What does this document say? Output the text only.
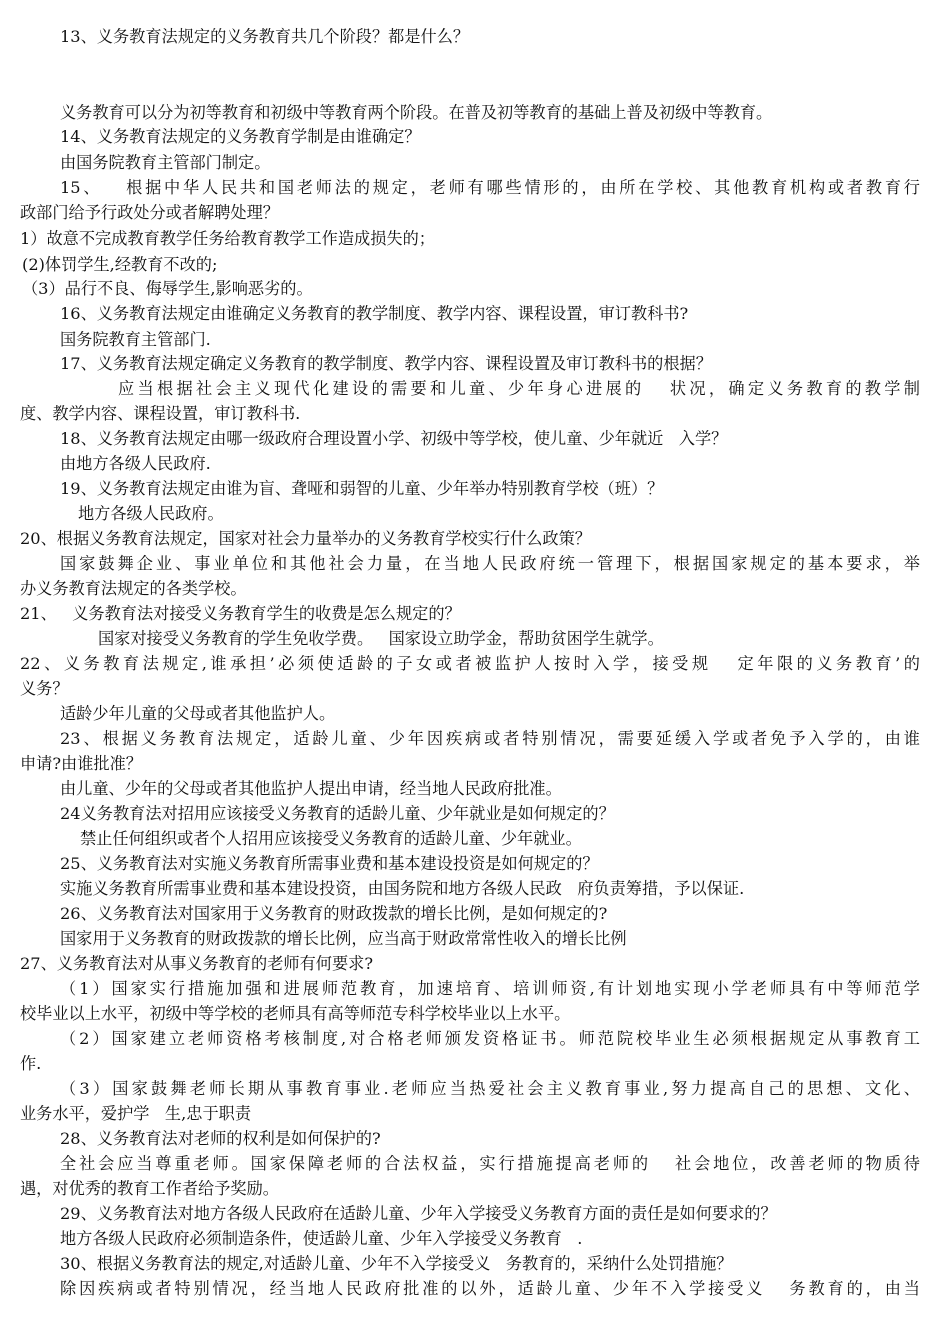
13、义务教育法规定的义务教育共几个阶段？都是什么？

义务教育可以分为初等教育和初级中等教育两个阶段。在普及初等教育的基础上普及初级中等教育。

14、义务教育法规定的义务教育学制是由谁确定？

由国务院教育主管部门制定。

15、   根据中华人民共和国老师法的规定，老师有哪些情形的，由所在学校、其他教育机构或者教育行

政部门给予行政处分或者解聘处理？

1）故意不完成教育教学任务给教育教学工作造成损失的；

(2)体罚学生,经教育不改的;

（3）品行不良、侮辱学生,影响恶劣的。

16、义务教育法规定由谁确定义务教育的教学制度、教学内容、课程设置，审订教科书?

国务院教育主管部门.

17、义务教育法规定确定义务教育的教学制度、教学内容、课程设置及审订教科书的根据？

应当根据社会主义现代化建设的需要和儿童、少年身心进展的   状况，确定义务教育的教学制

度、教学内容、课程设置，审订教科书.

18、义务教育法规定由哪一级政府合理设置小学、初级中等学校，使儿童、少年就近   入学？

由地方各级人民政府.

19、义务教育法规定由谁为盲、聋哑和弱智的儿童、少年举办特别教育学校（班）？

地方各级人民政府。

20、根据义务教育法规定，国家对社会力量举办的义务教育学校实行什么政策？

国家鼓舞企业、事业单位和其他社会力量，在当地人民政府统一管理下，根据国家规定的基本要求，举

办义务教育法规定的各类学校。

21、   义务教育法对接受义务教育学生的收费是怎么规定的？

国家对接受义务教育的学生免收学费。   国家设立助学金，帮助贫困学生就学。

22、义务教育法规定,谁承担’必须使适龄的子女或者被监护人按时入学，接受规   定年限的义务教育’的

义务？

适龄少年儿童的父母或者其他监护人。

23、根据义务教育法规定，适龄儿童、少年因疾病或者特别情况，需要延缓入学或者免予入学的，由谁

申请?由谁批准？

由儿童、少年的父母或者其他监护人提出申请，经当地人民政府批准。

24义务教育法对招用应该接受义务教育的适龄儿童、少年就业是如何规定的？

禁止任何组织或者个人招用应该接受义务教育的适龄儿童、少年就业。

25、义务教育法对实施义务教育所需事业费和基本建设投资是如何规定的？

实施义务教育所需事业费和基本建设投资，由国务院和地方各级人民政   府负责筹措，予以保证.

26、义务教育法对国家用于义务教育的财政拨款的增长比例，是如何规定的?

国家用于义务教育的财政拨款的增长比例，应当高于财政常常性收入的增长比例

27、义务教育法对从事义务教育的老师有何要求?

（1）国家实行措施加强和进展师范教育，加速培育、培训师资,有计划地实现小学老师具有中等师范学

校毕业以上水平，初级中等学校的老师具有高等师范专科学校毕业以上水平。

（2）国家建立老师资格考核制度,对合格老师颁发资格证书。师范院校毕业生必须根据规定从事教育工

作.

（3）国家鼓舞老师长期从事教育事业.老师应当热爱社会主义教育事业,努力提高自己的思想、文化、

业务水平，爱护学   生,忠于职责

28、义务教育法对老师的权利是如何保护的?

全社会应当尊重老师。国家保障老师的合法权益，实行措施提高老师的   社会地位，改善老师的物质待

遇，对优秀的教育工作者给予奖励。

29、义务教育法对地方各级人民政府在适龄儿童、少年入学接受义务教育方面的责任是如何要求的？

地方各级人民政府必须制造条件，使适龄儿童、少年入学接受义务教育   .

30、根据义务教育法的规定,对适龄儿童、少年不入学接受义   务教育的，采纳什么处罚措施？

除因疾病或者特别情况，经当地人民政府批准的以外，适龄儿童、少年不入学接受义   务教育的，由当
